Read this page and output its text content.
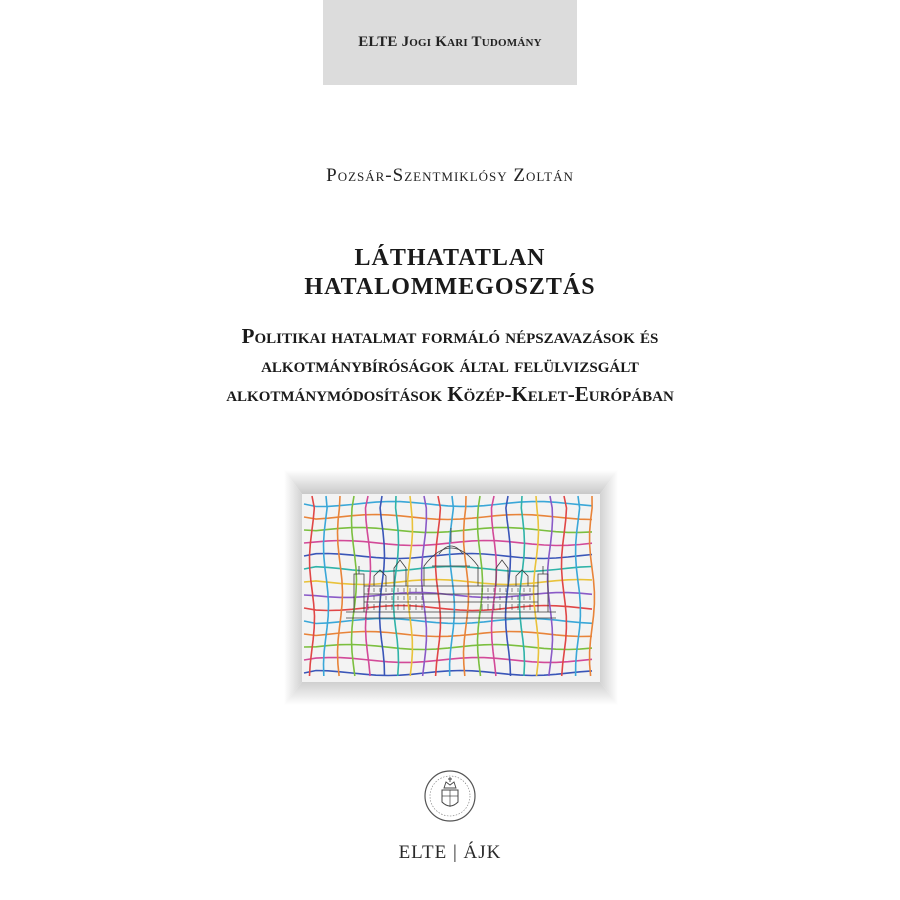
ELTE Jogi Kari Tudomány
Pozsár-Szentmiklósy Zoltán
LÁTHATATLAN
HATALOMMEGOSZTÁS
Politikai hatalmat formáló népszavazások és
alkotmánybíróságok által felülvizsgált
alkotmánymódosítások Közép-Kelet-Európában
ELTE | ÁJK
